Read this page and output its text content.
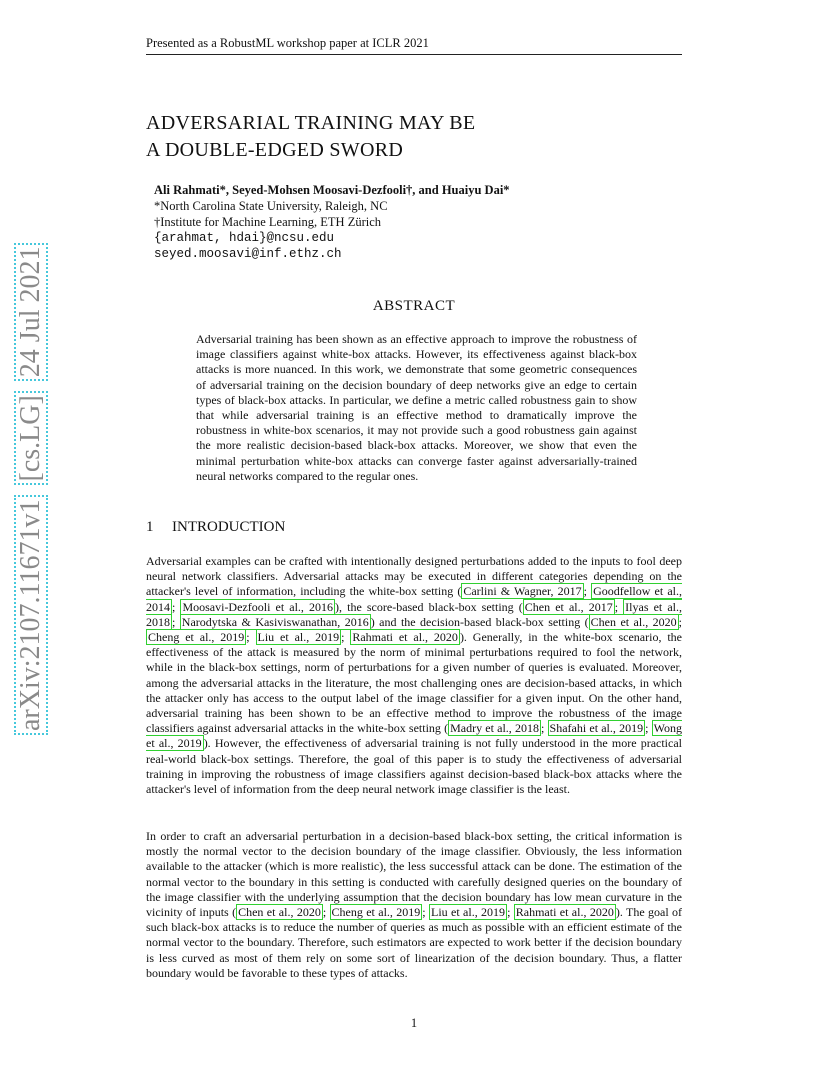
Presented as a RobustML workshop paper at ICLR 2021
arXiv:2107.11671v1
[cs.LG]
24 Jul 2021
ADVERSARIAL TRAINING MAY BE
A DOUBLE-EDGED SWORD
Ali Rahmati*, Seyed-Mohsen Moosavi-Dezfooli†, and Huaiyu Dai*
*North Carolina State University, Raleigh, NC
†Institute for Machine Learning, ETH Zürich
{arahmat, hdai}@ncsu.edu
seyed.moosavi@inf.ethz.ch
ABSTRACT
Adversarial training has been shown as an effective approach to improve the robustness of image classifiers against white-box attacks. However, its effectiveness against black-box attacks is more nuanced. In this work, we demonstrate that some geometric consequences of adversarial training on the decision boundary of deep networks give an edge to certain types of black-box attacks. In particular, we define a metric called robustness gain to show that while adversarial training is an effective method to dramatically improve the robustness in white-box scenarios, it may not provide such a good robustness gain against the more realistic decision-based black-box attacks. Moreover, we show that even the minimal perturbation white-box attacks can converge faster against adversarially-trained neural networks compared to the regular ones.
1 INTRODUCTION
Adversarial examples can be crafted with intentionally designed perturbations added to the inputs to fool deep neural network classifiers. Adversarial attacks may be executed in different categories depending on the attacker's level of information, including the white-box setting ( Carlini & Wagner, 2017 ; Goodfellow et al., 2014 ; Moosavi-Dezfooli et al., 2016 ), the score-based black-box setting ( Chen et al., 2017 ; Ilyas et al., 2018 ; Narodytska & Kasiviswanathan, 2016 ) and the decision-based black-box setting ( Chen et al., 2020 ; Cheng et al., 2019 ; Liu et al., 2019 ; Rahmati et al., 2020 ). Generally, in the white-box scenario, the effectiveness of the attack is measured by the norm of minimal perturbations required to fool the network, while in the black-box settings, norm of perturbations for a given number of queries is evaluated. Moreover, among the adversarial attacks in the literature, the most challenging ones are decision-based attacks, in which the attacker only has access to the output label of the image classifier for a given input. On the other hand, adversarial training has been shown to be an effective method to improve the robustness of the image classifiers against adversarial attacks in the white-box setting ( Madry et al., 2018 ; Shafahi et al., 2019 ; Wong et al., 2019 ). However, the effectiveness of adversarial training is not fully understood in the more practical real-world black-box settings. Therefore, the goal of this paper is to study the effectiveness of adversarial training in improving the robustness of image classifiers against decision-based black-box attacks where the attacker's level of information from the deep neural network image classifier is the least.
In order to craft an adversarial perturbation in a decision-based black-box setting, the critical information is mostly the normal vector to the decision boundary of the image classifier. Obviously, the less information available to the attacker (which is more realistic), the less successful attack can be done. The estimation of the normal vector to the boundary in this setting is conducted with carefully designed queries on the boundary of the image classifier with the underlying assumption that the decision boundary has low mean curvature in the vicinity of inputs ( Chen et al., 2020 ; Cheng et al., 2019 ; Liu et al., 2019 ; Rahmati et al., 2020 ). The goal of such black-box attacks is to reduce the number of queries as much as possible with an efficient estimate of the normal vector to the boundary. Therefore, such estimators are expected to work better if the decision boundary is less curved as most of them rely on some sort of linearization of the decision boundary. Thus, a flatter boundary would be favorable to these types of attacks.
1
